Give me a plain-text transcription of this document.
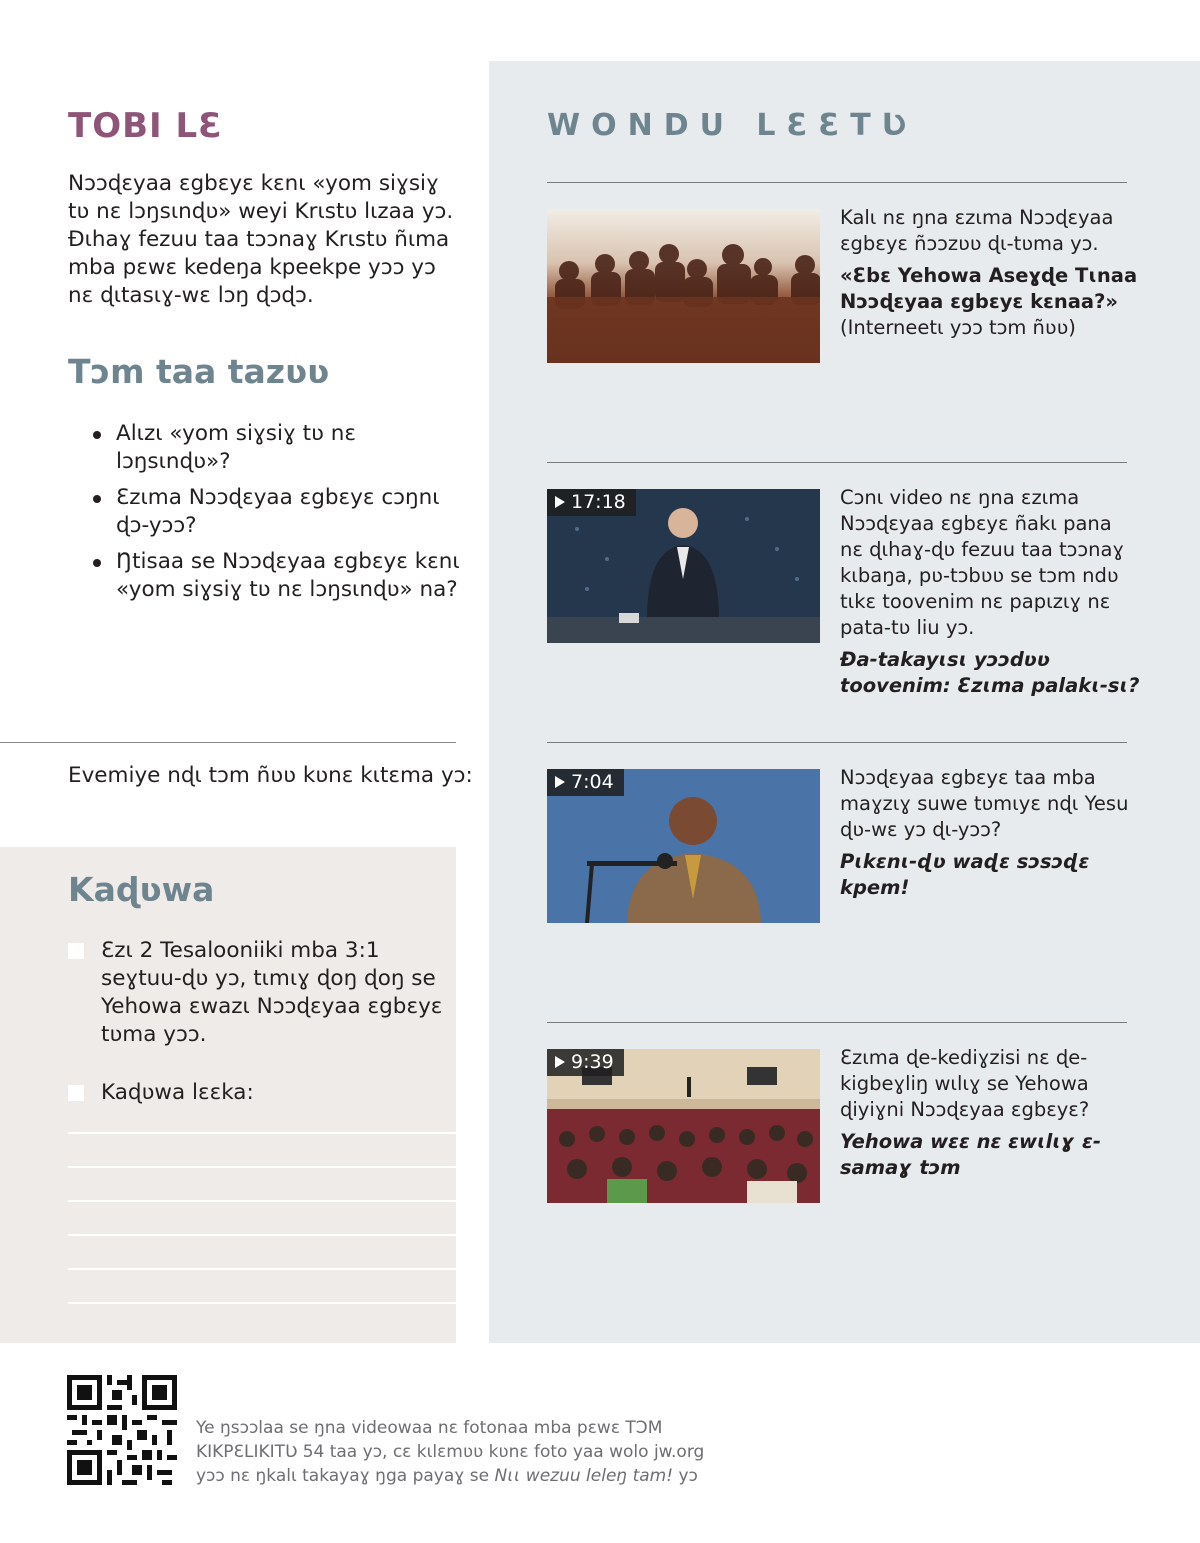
TOBI LƐ

Nɔɔɖɛyaa ɛgbɛyɛ kɛnɩ «yom siɣsiɣ tʋ nɛ lɔŋsɩnɖʋ» weyi Krɩstʋ lɩzaa yɔ. Ðɩhaɣ fezuu taa tɔɔnaɣ Krɩstʋ ñɩma mba pɛwɛ kedeŋa kpeekpe yɔɔ yɔ nɛ ɖɩtasɩɣ-wɛ lɔŋ ɖɔɖɔ.

Tɔm taa tazʋʋ
Alɩzɩ «yom siɣsiɣ tʋ nɛ lɔŋsɩnɖʋ»?
Ɛzɩma Nɔɔɖɛyaa ɛgbɛyɛ cɔŋnɩ ɖɔ-yɔɔ?
Ŋtisaa se Nɔɔɖɛyaa ɛgbɛyɛ kɛnɩ «yom siɣsiɣ tʋ nɛ lɔŋsɩnɖʋ» na?

Evemiye nɖɩ tɔm ñʋʋ kʋnɛ kɩtɛma yɔ:

Kaɖʋwa
Ɛzɩ 2 Tesalooniiki mba 3:1 seɣtuu-ɖʋ yɔ, tɩmɩɣ ɖoŋ ɖoŋ se Yehowa ɛwazɩ Nɔɔɖɛyaa ɛgbɛyɛ tʋma yɔɔ.
Kaɖʋwa lɛɛka:
WONDU LƐƐTƲ

Kalɩ nɛ ŋna ɛzɩma Nɔɔɖɛyaa ɛgbɛyɛ ñɔɔzʋʋ ɖɩ-tʋma yɔ.

«Ɛbɛ Yehowa Aseɣɖe Tɩnaa Nɔɔɖɛyaa ɛgbɛyɛ kɛnaa?»

(Interneetɩ yɔɔ tɔm ñʋʋ)

17:18	Cɔnɩ video nɛ ŋna ɛzɩma Nɔɔɖɛyaa ɛgbɛyɛ ñakɩ pana nɛ ɖɩhaɣ-ɖʋ fezuu taa tɔɔnaɣ kɩbaŋa, pʋ-tɔbʋʋ se tɔm ndʋ tɩkɛ toovenim nɛ papɩzɩɣ nɛ pata-tʋ liu yɔ.

Ða-takayɩsɩ yɔɔdʋʋ toovenim: Ɛzɩma palakɩ-sɩ?

7:04	Nɔɔɖɛyaa ɛgbɛyɛ taa mba maɣzɩɣ suwe tʋmɩyɛ nɖɩ Yesu ɖʋ-wɛ yɔ ɖɩ-yɔɔ?

Pɩkɛnɩ-ɖʋ waɖɛ sɔsɔɖɛ kpem!

9:39	Ɛzɩma ɖe-kediɣzisi nɛ ɖe-kigbeɣliŋ wɩlɩɣ se Yehowa ɖiyiɣni Nɔɔɖɛyaa ɛgbɛyɛ?

Yehowa wɛɛ nɛ ɛwɩlɩɣ ɛ-samaɣ tɔm

Ye ŋsɔɔlaa se ŋna videowaa nɛ fotonaa mba pɛwɛ TƆM

KIKPƐLIKITƲ 54 taa yɔ, cɛ kɩlɛmʋʋ kʋnɛ foto yaa wolo jw.org

yɔɔ nɛ ŋkalɩ takayaɣ ŋga payaɣ se Nɩɩ wezuu leleŋ tam! yɔ
